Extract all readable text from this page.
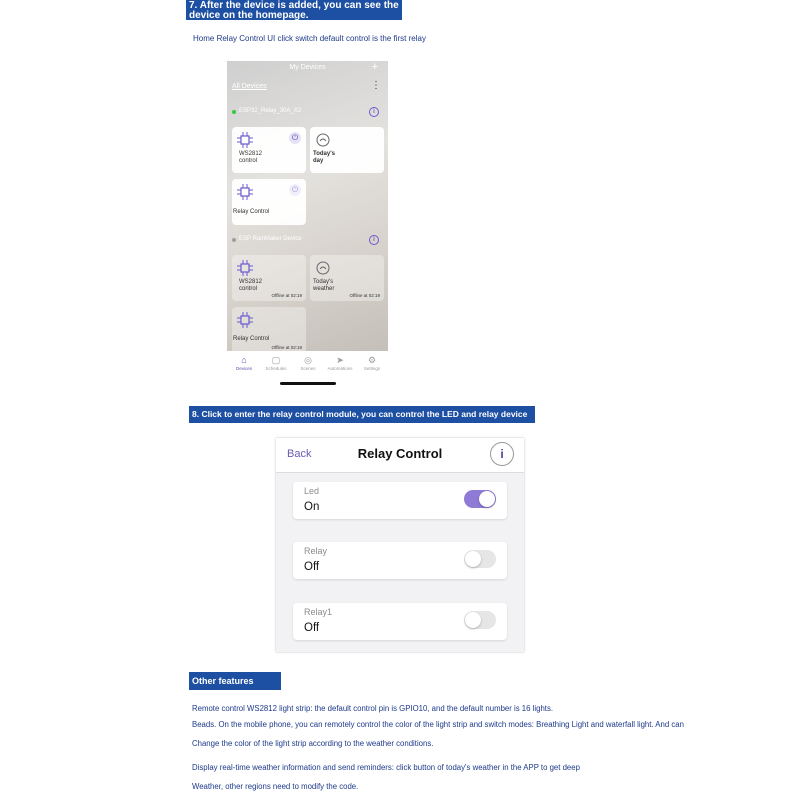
7. After the device is added, you can see the
device on the homepage.
Home Relay Control UI click switch default control is the first relay
My Devices	+
All Devices	⋮
ESP32_Relay_30A_X2	i
⏻
WS2812
control
Today's
day
⏻
Relay Control
ESP RainMaker Device	i
WS2812
control
Offline at 02:19
Today's
weather
Offline at 02:19
Relay Control
Offline at 02:19
⌂
Devices
▢
Schedules
◎
Scenes
➤
Automations
⚙
Settings
8. Click to enter the relay control module, you can control the LED and relay device
Back	Relay Control	i
Led
On
Relay
Off
Relay1
Off
Other features
Remote control WS2812 light strip: the default control pin is GPIO10, and the default number is 16 lights.
Beads. On the mobile phone, you can remotely control the color of the light strip and switch modes: Breathing Light and waterfall light. And can
Change the color of the light strip according to the weather conditions.
Display real-time weather information and send reminders: click button of today's weather in the APP to get deep
Weather, other regions need to modify the code.
